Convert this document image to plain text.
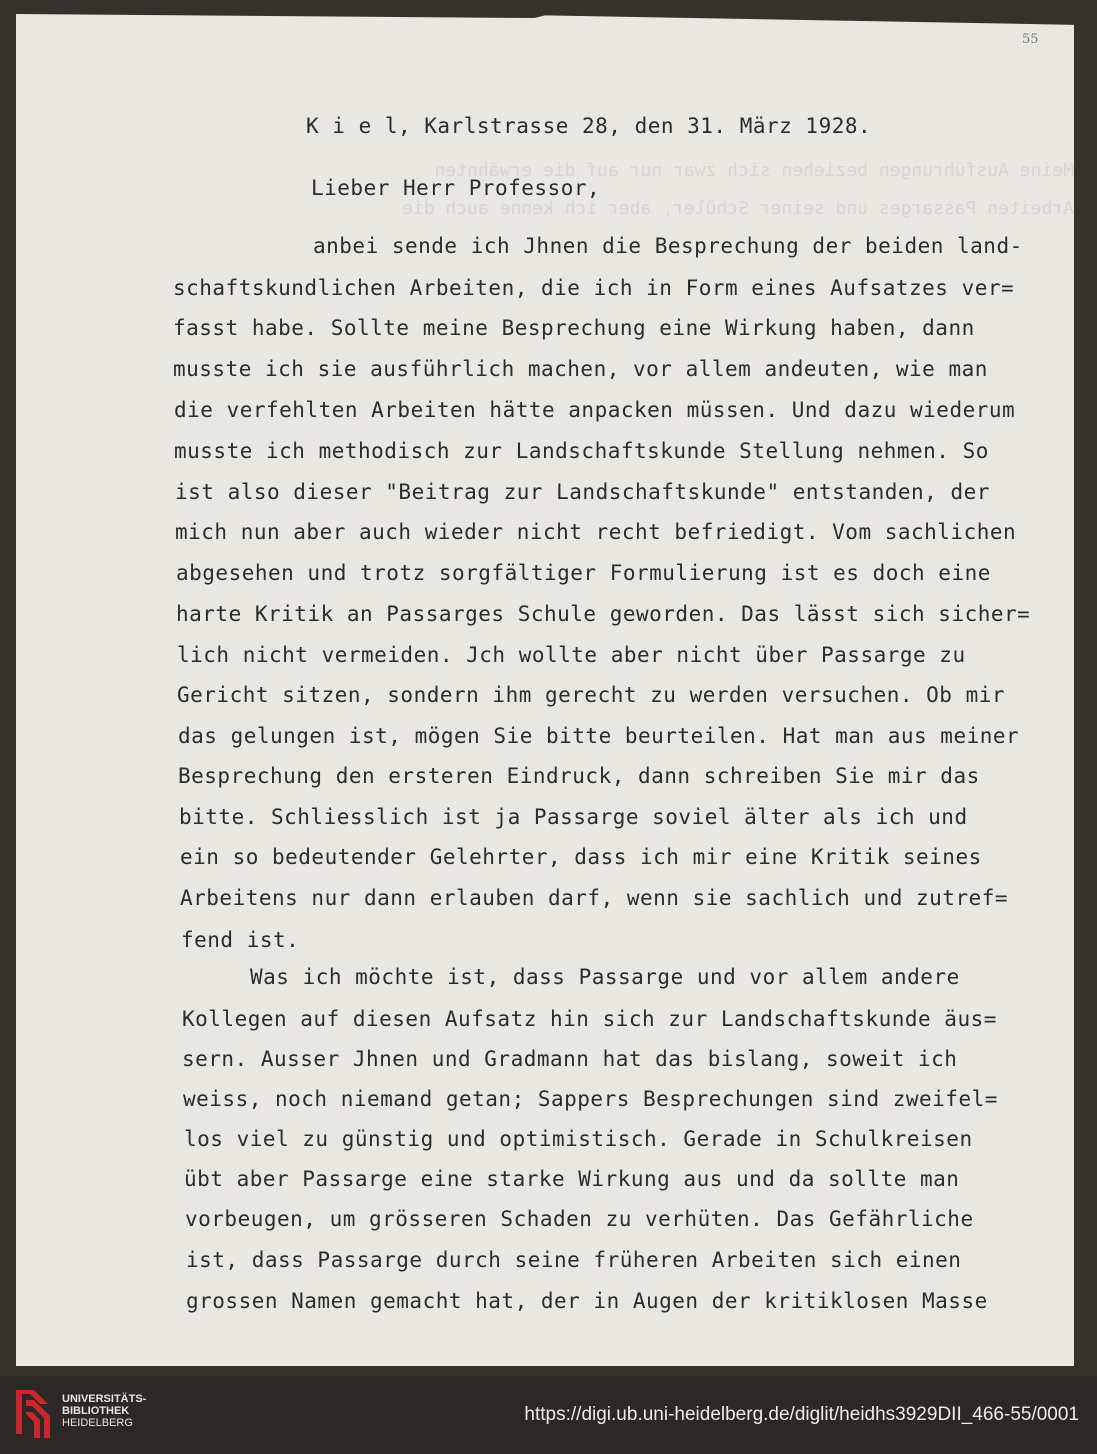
55
Meine Ausführungen beziehen sich zwar nur auf die erwähnten
Arbeiten Passarges und seiner Schüler, aber ich kenne auch die
K i e l, Karlstrasse 28, den 31. März 1928.
Lieber Herr Professor,
anbei sende ich Jhnen die Besprechung der beiden land-
schaftskundlichen Arbeiten, die ich in Form eines Aufsatzes ver=
fasst habe. Sollte meine Besprechung eine Wirkung haben, dann
musste ich sie ausführlich machen, vor allem andeuten, wie man
die verfehlten Arbeiten hätte anpacken müssen. Und dazu wiederum
musste ich methodisch zur Landschaftskunde Stellung nehmen. So
ist also dieser "Beitrag zur Landschaftskunde" entstanden, der
mich nun aber auch wieder nicht recht befriedigt. Vom sachlichen
abgesehen und trotz sorgfältiger Formulierung ist es doch eine
harte Kritik an Passarges Schule geworden. Das lässt sich sicher=
lich nicht vermeiden. Jch wollte aber nicht über Passarge zu
Gericht sitzen, sondern ihm gerecht zu werden versuchen. Ob mir
das gelungen ist, mögen Sie bitte beurteilen. Hat man aus meiner
Besprechung den ersteren Eindruck, dann schreiben Sie mir das
bitte. Schliesslich ist ja Passarge soviel älter als ich und
ein so bedeutender Gelehrter, dass ich mir eine Kritik seines
Arbeitens nur dann erlauben darf, wenn sie sachlich und zutref=
fend ist.
Was ich möchte ist, dass Passarge und vor allem andere
Kollegen auf diesen Aufsatz hin sich zur Landschaftskunde äus=
sern. Ausser Jhnen und Gradmann hat das bislang, soweit ich
weiss, noch niemand getan; Sappers Besprechungen sind zweifel=
los viel zu günstig und optimistisch. Gerade in Schulkreisen
übt aber Passarge eine starke Wirkung aus und da sollte man
vorbeugen, um grösseren Schaden zu verhüten. Das Gefährliche
ist, dass Passarge durch seine früheren Arbeiten sich einen
grossen Namen gemacht hat, der in Augen der kritiklosen Masse
UNIVERSITÄTS-
BIBLIOTHEK
HEIDELBERG	https://digi.ub.uni-heidelberg.de/diglit/heidhs3929DII_466-55/0001
